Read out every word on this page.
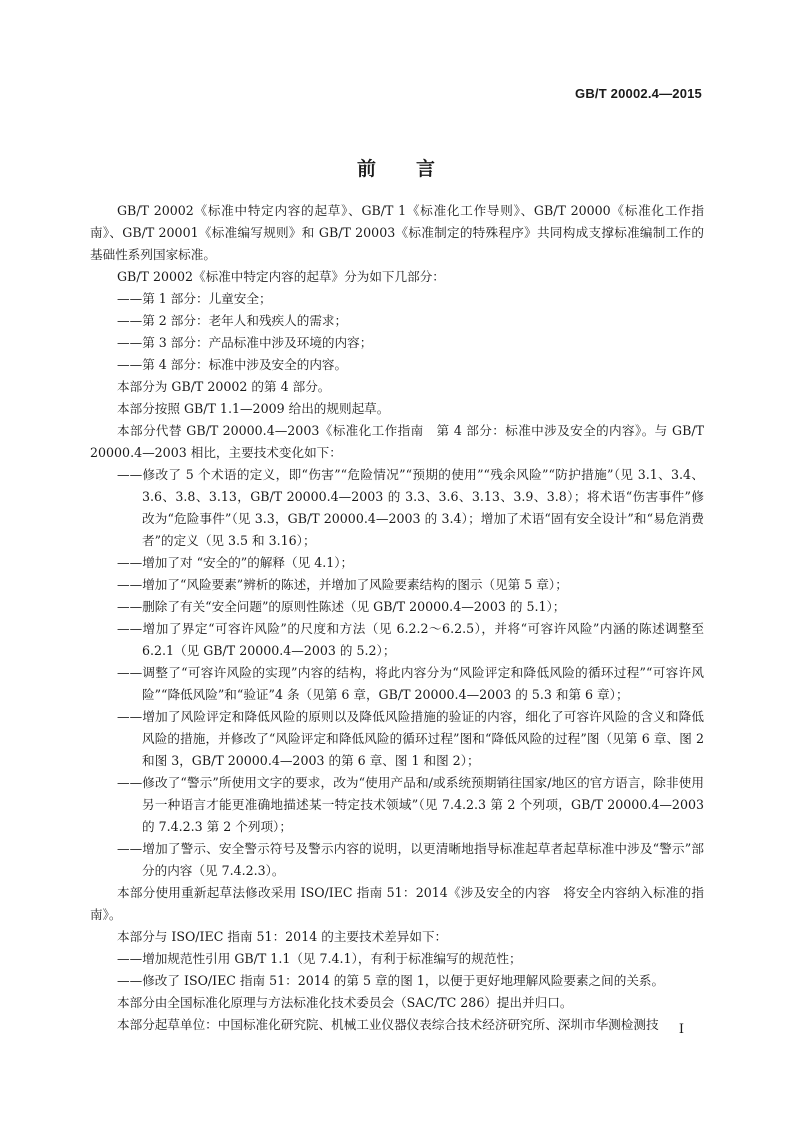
GB/T 20002.4—2015
前 言

GB/T 20002《标准中特定内容的起草》、GB/T 1《标准化工作导则》、GB/T 20000《标准化工作指南》、GB/T 20001《标准编写规则》和 GB/T 20003《标准制定的特殊程序》共同构成支撑标准编制工作的基础性系列国家标准。

GB/T 20002《标准中特定内容的起草》分为如下几部分：

——第 1 部分：儿童安全；

——第 2 部分：老年人和残疾人的需求；

——第 3 部分：产品标准中涉及环境的内容；

——第 4 部分：标准中涉及安全的内容。

本部分为 GB/T 20002 的第 4 部分。

本部分按照 GB/T 1.1—2009 给出的规则起草。

本部分代替 GB/T 20000.4—2003《标准化工作指南　第 4 部分：标准中涉及安全的内容》。与 GB/T 20000.4—2003 相比，主要技术变化如下：

——修改了 5 个术语的定义，即“伤害”“危险情况”“预期的使用”“残余风险”“防护措施”（见 3.1、3.4、3.6、3.8、3.13，GB/T 20000.4—2003 的 3.3、3.6、3.13、3.9、3.8）；将术语“伤害事件”修改为“危险事件”（见 3.3，GB/T 20000.4—2003 的 3.4）；增加了术语“固有安全设计”和“易危消费者”的定义（见 3.5 和 3.16）；

——增加了对 “安全的”的解释（见 4.1）；

——增加了“风险要素”辨析的陈述，并增加了风险要素结构的图示（见第 5 章）；

——删除了有关“安全问题”的原则性陈述（见 GB/T 20000.4—2003 的 5.1）；

——增加了界定“可容许风险”的尺度和方法（见 6.2.2～6.2.5），并将“可容许风险”内涵的陈述调整至 6.2.1（见 GB/T 20000.4—2003 的 5.2）；

——调整了“可容许风险的实现”内容的结构，将此内容分为“风险评定和降低风险的循环过程”“可容许风险”“降低风险”和“验证”4 条（见第 6 章，GB/T 20000.4—2003 的 5.3 和第 6 章）；

——增加了风险评定和降低风险的原则以及降低风险措施的验证的内容，细化了可容许风险的含义和降低风险的措施，并修改了“风险评定和降低风险的循环过程”图和“降低风险的过程”图（见第 6 章、图 2 和图 3，GB/T 20000.4—2003 的第 6 章、图 1 和图 2）；

——修改了“警示”所使用文字的要求，改为“使用产品和/或系统预期销往国家/地区的官方语言，除非使用另一种语言才能更准确地描述某一特定技术领域”（见 7.4.2.3 第 2 个列项，GB/T 20000.4—2003 的 7.4.2.3 第 2 个列项）；

——增加了警示、安全警示符号及警示内容的说明，以更清晰地指导标准起草者起草标准中涉及“警示”部分的内容（见 7.4.2.3）。

本部分使用重新起草法修改采用 ISO/IEC 指南 51：2014《涉及安全的内容　将安全内容纳入标准的指南》。

本部分与 ISO/IEC 指南 51：2014 的主要技术差异如下：

——增加规范性引用 GB/T 1.1（见 7.4.1），有利于标准编写的规范性；

——修改了 ISO/IEC 指南 51：2014 的第 5 章的图 1，以便于更好地理解风险要素之间的关系。

本部分由全国标准化原理与方法标准化技术委员会（SAC/TC 286）提出并归口。

本部分起草单位：中国标准化研究院、机械工业仪器仪表综合技术经济研究所、深圳市华测检测技	I
